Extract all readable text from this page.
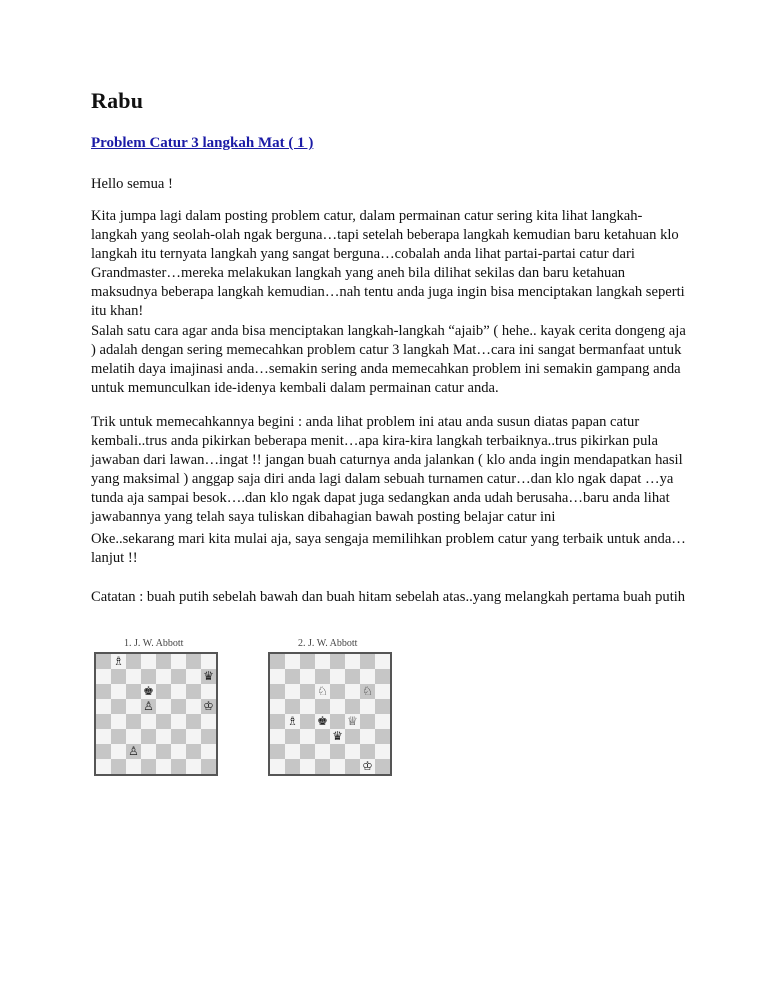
Rabu
Problem Catur 3 langkah Mat ( 1 )

Hello semua !

Kita jumpa lagi dalam posting problem catur, dalam permainan catur sering kita lihat langkah-langkah yang seolah-olah ngak berguna…tapi setelah beberapa langkah kemudian baru ketahuan klo langkah itu ternyata langkah yang sangat berguna…cobalah anda lihat partai-partai catur dari Grandmaster…mereka melakukan langkah yang aneh bila dilihat sekilas dan baru ketahuan maksudnya beberapa langkah kemudian…nah tentu anda juga ingin bisa menciptakan langkah seperti itu khan!

Salah satu cara agar anda bisa menciptakan langkah-langkah “ajaib” ( hehe.. kayak cerita dongeng aja ) adalah dengan sering memecahkan problem catur 3 langkah Mat…cara ini sangat bermanfaat untuk melatih daya imajinasi anda…semakin sering anda memecahkan problem ini semakin gampang anda untuk memunculkan ide-idenya kembali dalam permainan catur anda.

Trik untuk memecahkannya begini : anda lihat problem ini atau anda susun diatas papan catur kembali..trus anda pikirkan beberapa menit…apa kira-kira langkah terbaiknya..trus pikirkan pula jawaban dari lawan…ingat !! jangan buah caturnya anda jalankan ( klo anda ingin mendapatkan hasil yang maksimal ) anggap saja diri anda lagi dalam sebuah turnamen catur…dan klo ngak dapat …ya tunda aja sampai besok….dan klo ngak dapat juga sedangkan anda udah berusaha…baru anda lihat jawabannya yang telah saya tuliskan dibahagian bawah posting belajar catur ini

Oke..sekarang mari kita mulai aja, saya sengaja memilihkan problem catur yang terbaik untuk anda…lanjut !!

Catatan : buah putih sebelah bawah dan buah hitam sebelah atas..yang melangkah pertama buah putih

1. J. W. Abbott
♗
♛
♚
♙	♔
♙
2. J. W. Abbott
♘	♘
♗ ♚ ♕
♛
♔
